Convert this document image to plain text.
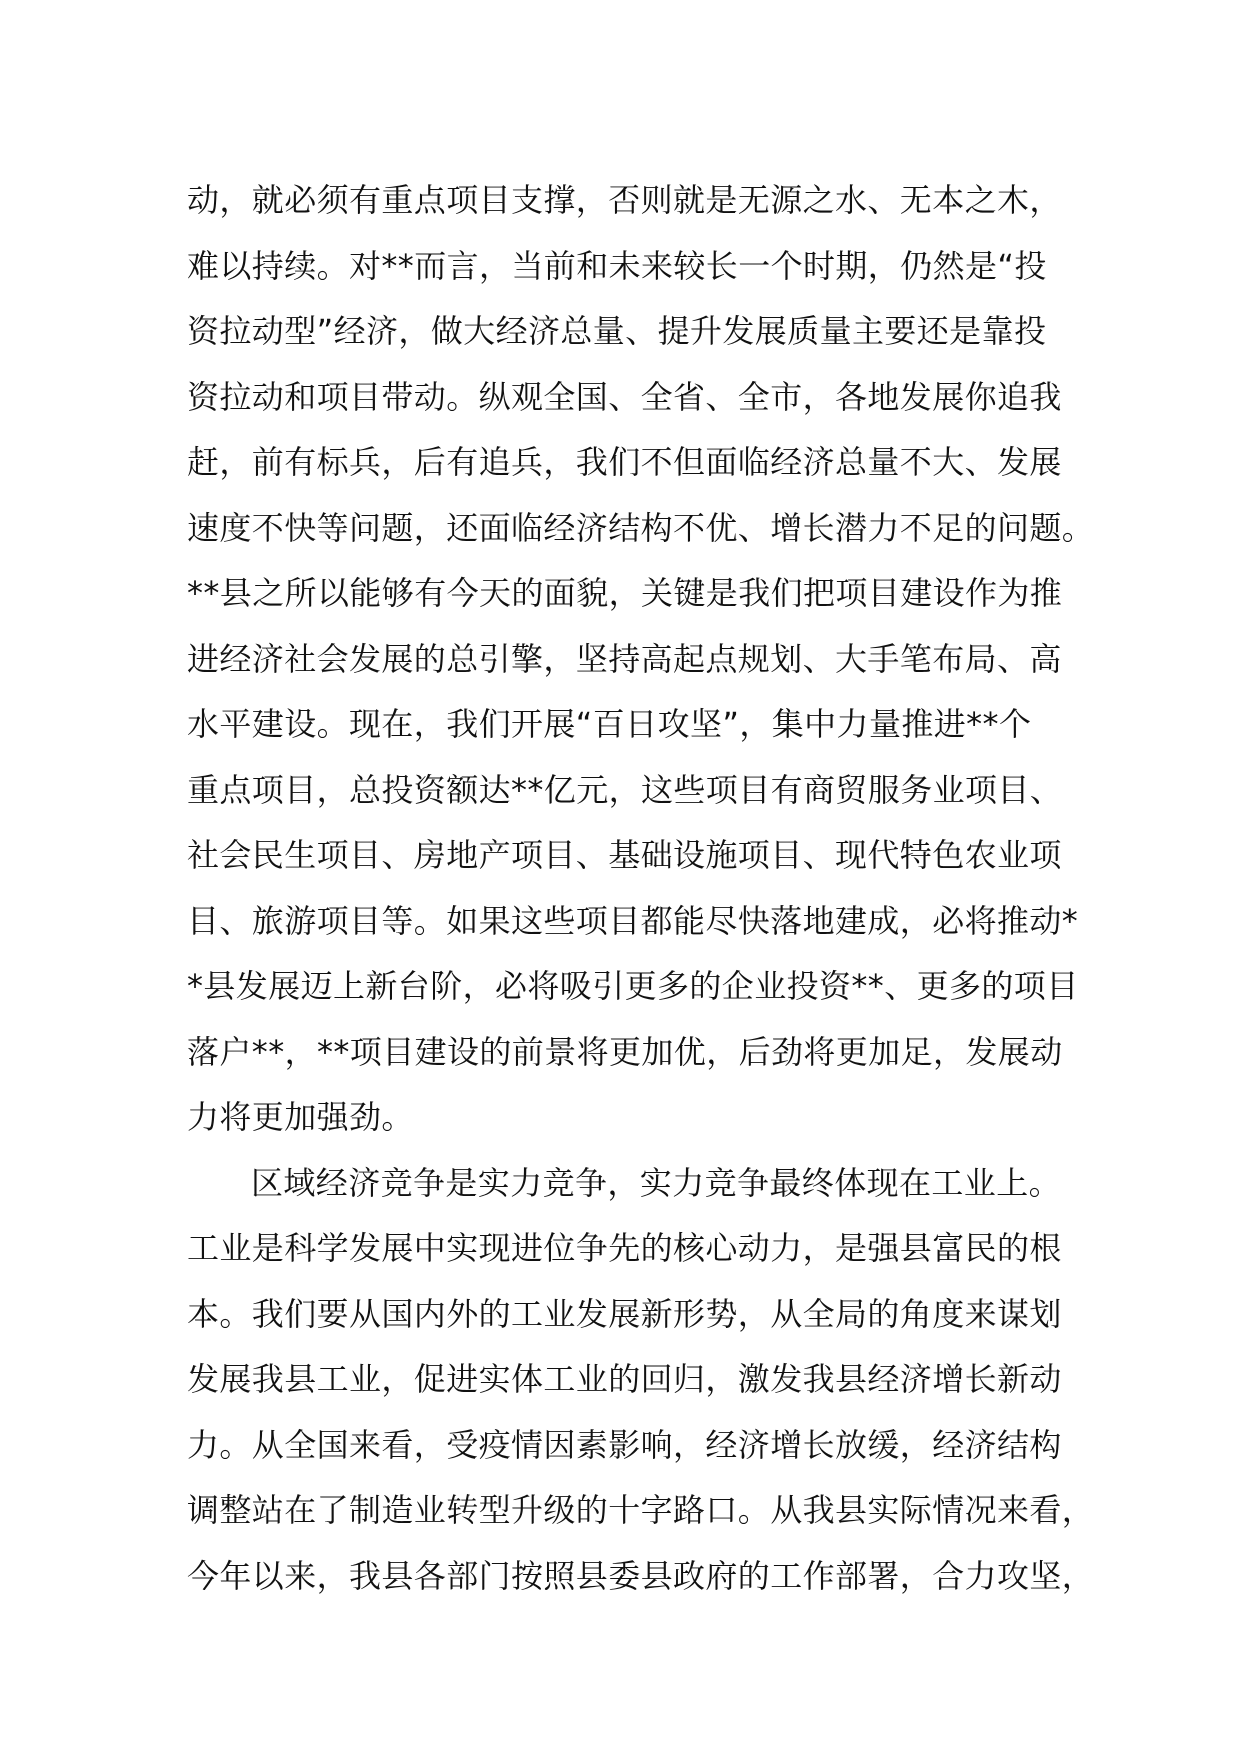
动，就必须有重点项目支撑，否则就是无源之水、无本之木，
难以持续。对**而言，当前和未来较长一个时期，仍然是“投
资拉动型”经济，做大经济总量、提升发展质量主要还是靠投
资拉动和项目带动。纵观全国、全省、全市，各地发展你追我
赶，前有标兵，后有追兵，我们不但面临经济总量不大、发展
速度不快等问题，还面临经济结构不优、增长潜力不足的问题。
**县之所以能够有今天的面貌，关键是我们把项目建设作为推
进经济社会发展的总引擎，坚持高起点规划、大手笔布局、高
水平建设。现在，我们开展“百日攻坚”，集中力量推进**个
重点项目，总投资额达**亿元，这些项目有商贸服务业项目、
社会民生项目、房地产项目、基础设施项目、现代特色农业项
目、旅游项目等。如果这些项目都能尽快落地建成，必将推动*
*县发展迈上新台阶，必将吸引更多的企业投资**、更多的项目
落户**，**项目建设的前景将更加优，后劲将更加足，发展动
力将更加强劲。
区域经济竞争是实力竞争，实力竞争最终体现在工业上。
工业是科学发展中实现进位争先的核心动力，是强县富民的根
本。我们要从国内外的工业发展新形势，从全局的角度来谋划
发展我县工业，促进实体工业的回归，激发我县经济增长新动
力。从全国来看，受疫情因素影响，经济增长放缓，经济结构
调整站在了制造业转型升级的十字路口。从我县实际情况来看，
今年以来，我县各部门按照县委县政府的工作部署，合力攻坚，
